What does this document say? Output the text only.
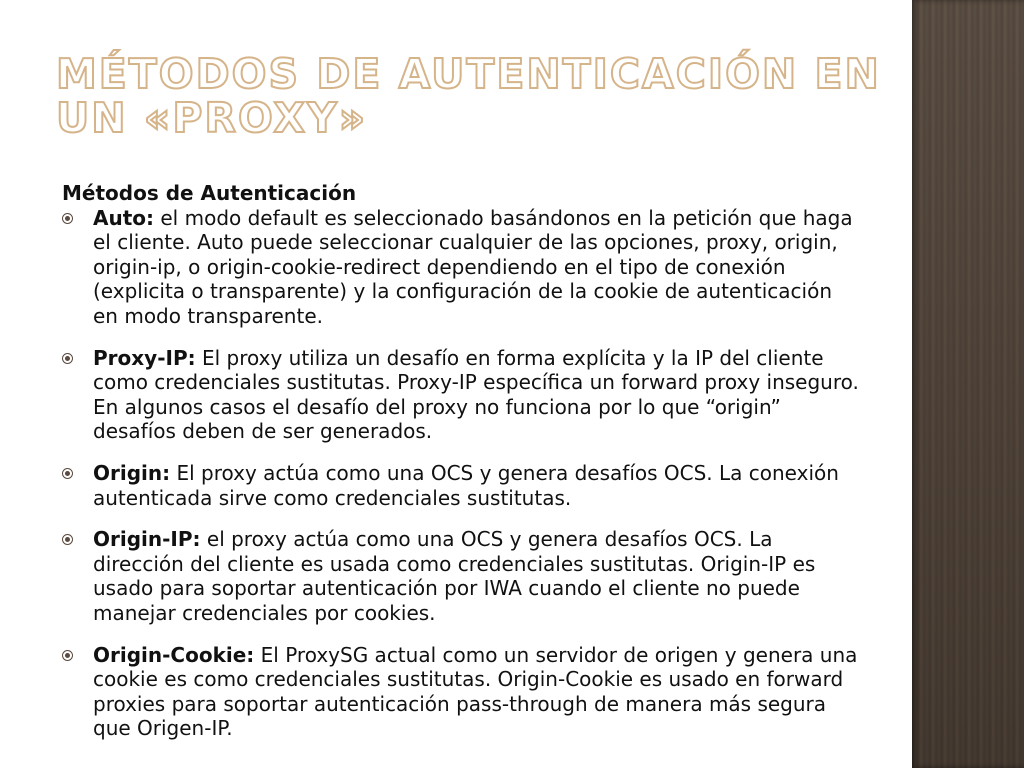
MÉTODOS DE AUTENTICACIÓN EN
UN «PROXY»
Métodos de Autenticación
Auto: el modo default es seleccionado basándonos en la petición que haga el cliente. Auto puede seleccionar cualquier de las opciones, proxy, origin, origin-ip, o origin-cookie-redirect dependiendo en el tipo de conexión (explicita o transparente) y la configuración de la cookie de autenticación en modo transparente.
Proxy-IP: El proxy utiliza un desafío en forma explícita y la IP del cliente como credenciales sustitutas. Proxy-IP específica un forward proxy inseguro. En algunos casos el desafío del proxy no funciona por lo que “origin” desafíos deben de ser generados.
Origin: El proxy actúa como una OCS y genera desafíos OCS. La conexión autenticada sirve como credenciales sustitutas.
Origin-IP: el proxy actúa como una OCS y genera desafíos OCS. La dirección del cliente es usada como credenciales sustitutas. Origin-IP es usado para soportar autenticación por IWA cuando el cliente no puede manejar credenciales por cookies.
Origin-Cookie: El ProxySG actual como un servidor de origen y genera una cookie es como credenciales sustitutas. Origin-Cookie es usado en forward proxies para soportar autenticación pass-through de manera más segura que Origen-IP.
